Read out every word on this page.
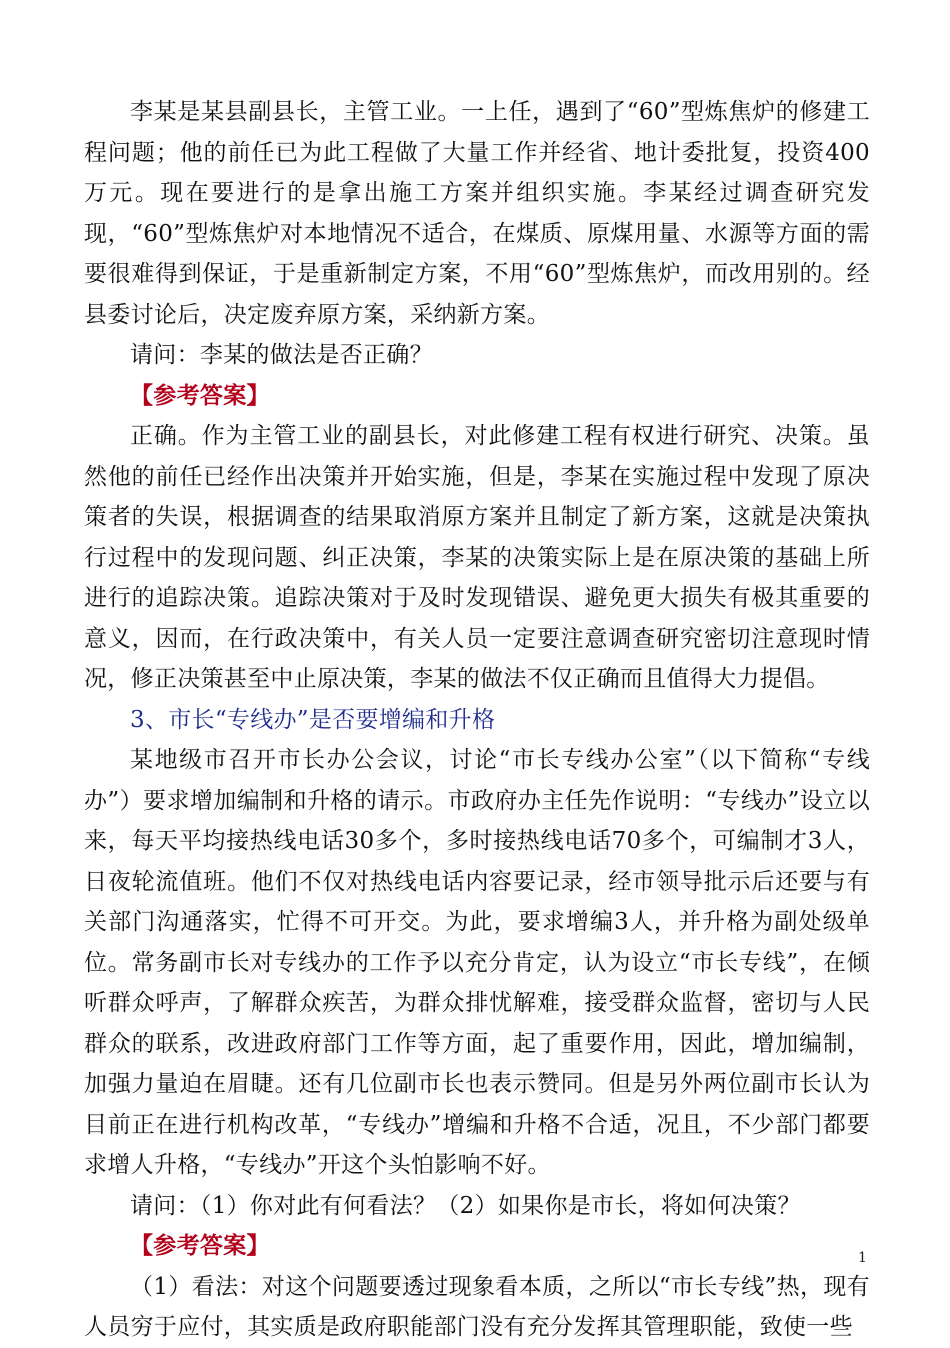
李某是某县副县长，主管工业。一上任，遇到了“60”型炼焦炉的修建工程问题；他的前任已为此工程做了大量工作并经省、地计委批复，投资400万元。现在要进行的是拿出施工方案并组织实施。李某经过调查研究发现，“60”型炼焦炉对本地情况不适合，在煤质、原煤用量、水源等方面的需要很难得到保证，于是重新制定方案，不用“60”型炼焦炉，而改用别的。经县委讨论后，决定废弃原方案，采纳新方案。

请问：李某的做法是否正确？

【参考答案】

正确。作为主管工业的副县长，对此修建工程有权进行研究、决策。虽然他的前任已经作出决策并开始实施，但是，李某在实施过程中发现了原决策者的失误，根据调查的结果取消原方案并且制定了新方案，这就是决策执行过程中的发现问题、纠正决策，李某的决策实际上是在原决策的基础上所进行的追踪决策。追踪决策对于及时发现错误、避免更大损失有极其重要的意义，因而，在行政决策中，有关人员一定要注意调查研究密切注意现时情况，修正决策甚至中止原决策，李某的做法不仅正确而且值得大力提倡。

3、市长“专线办”是否要增编和升格

某地级市召开市长办公会议，讨论“市长专线办公室”（以下简称“专线办”）要求增加编制和升格的请示。市政府办主任先作说明：“专线办”设立以来，每天平均接热线电话30多个，多时接热线电话70多个，可编制才3人，日夜轮流值班。他们不仅对热线电话内容要记录，经市领导批示后还要与有关部门沟通落实，忙得不可开交。为此，要求增编3人，并升格为副处级单位。常务副市长对专线办的工作予以充分肯定，认为设立“市长专线”，在倾听群众呼声，了解群众疾苦，为群众排忧解难，接受群众监督，密切与人民群众的联系，改进政府部门工作等方面，起了重要作用，因此，增加编制，加强力量迫在眉睫。还有几位副市长也表示赞同。但是另外两位副市长认为目前正在进行机构改革，“专线办”增编和升格不合适，况且，不少部门都要求增人升格，“专线办”开这个头怕影响不好。

请问：（1）你对此有何看法？（2）如果你是市长，将如何决策？

【参考答案】

（1）看法：对这个问题要透过现象看本质，之所以“市长专线”热，现有人员穷于应付，其实质是政府职能部门没有充分发挥其管理职能，致使一些

1
